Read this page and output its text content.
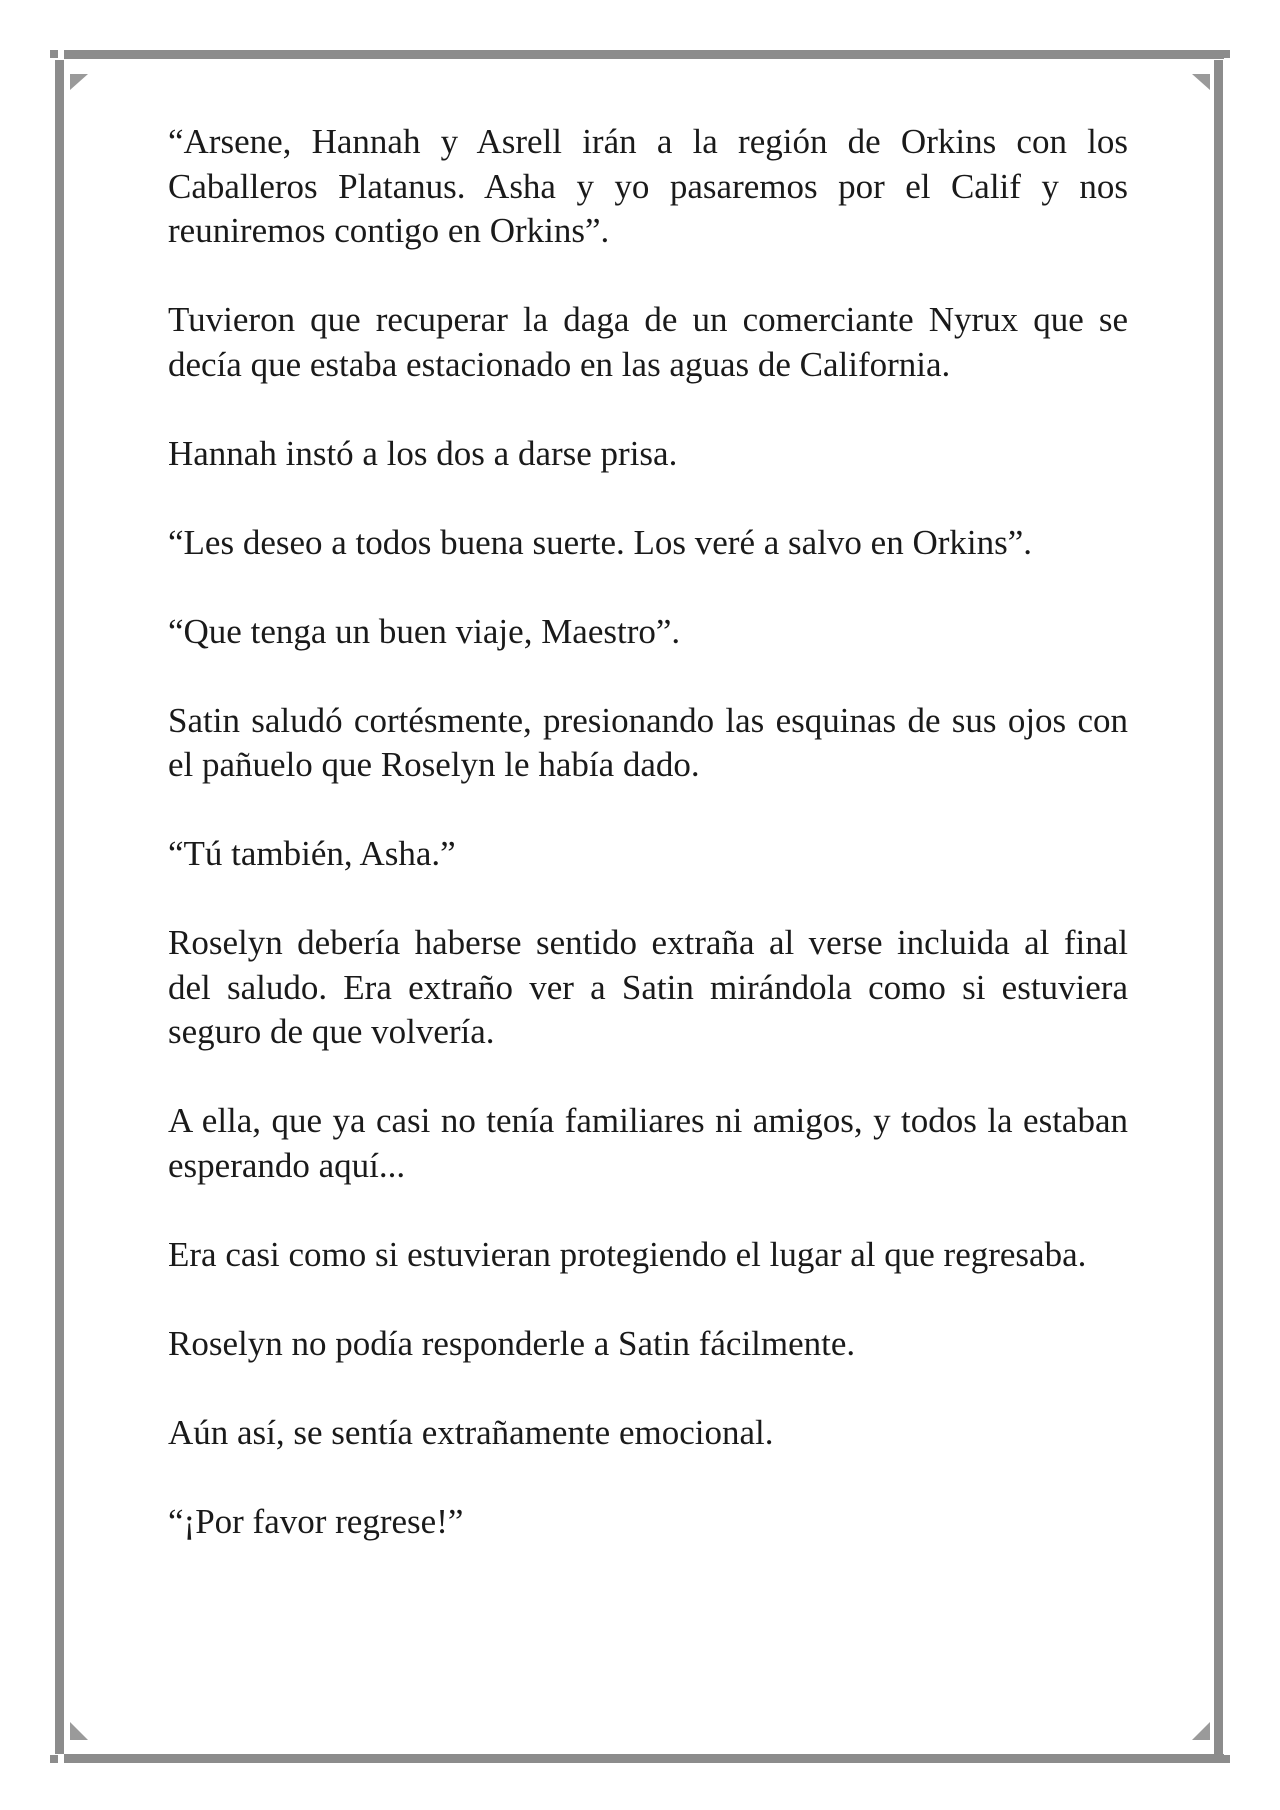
“Arsene, Hannah y Asrell irán a la región de Orkins con los Caballeros Platanus. Asha y yo pasaremos por el Calif y nos reuniremos contigo en Orkins”.

Tuvieron que recuperar la daga de un comerciante Nyrux que se decía que estaba estacionado en las aguas de California.

Hannah instó a los dos a darse prisa.

“Les deseo a todos buena suerte. Los veré a salvo en Orkins”.

“Que tenga un buen viaje, Maestro”.

Satin saludó cortésmente, presionando las esquinas de sus ojos con el pañuelo que Roselyn le había dado.

“Tú también, Asha.”

Roselyn debería haberse sentido extraña al verse incluida al final del saludo. Era extraño ver a Satin mirándola como si estuviera seguro de que volvería.

A ella, que ya casi no tenía familiares ni amigos, y todos la estaban esperando aquí...

Era casi como si estuvieran protegiendo el lugar al que regresaba.

Roselyn no podía responderle a Satin fácilmente.

Aún así, se sentía extrañamente emocional.

“¡Por favor regrese!”
